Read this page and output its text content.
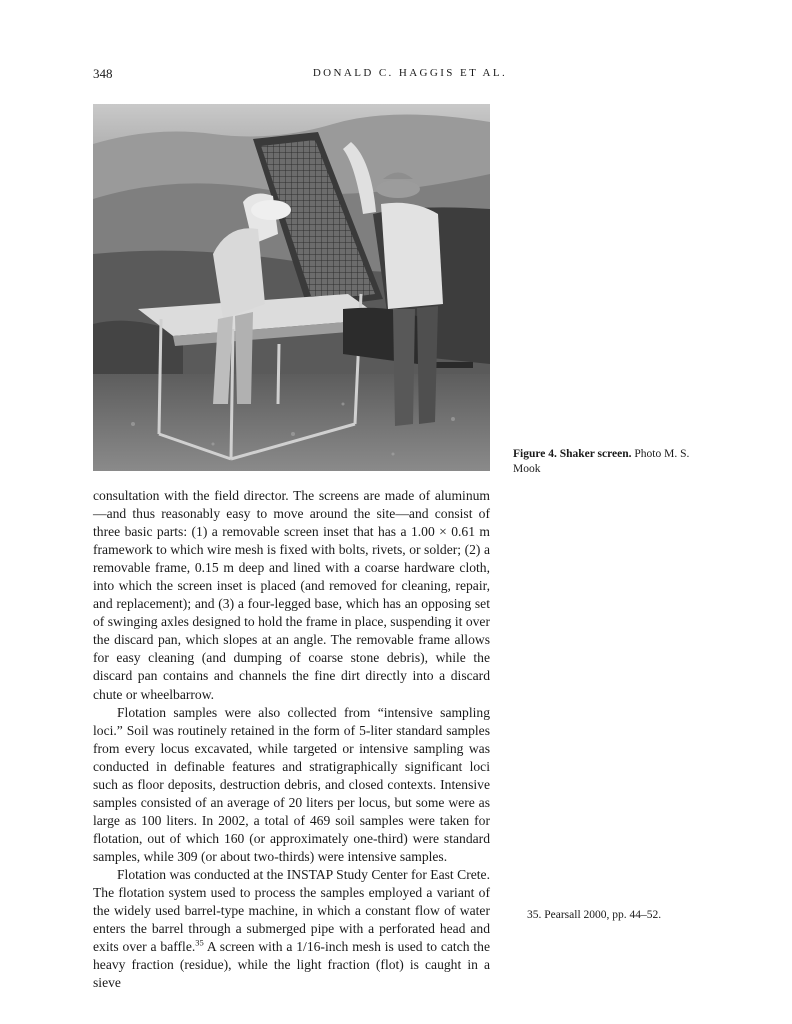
348	DONALD C. HAGGIS ET AL.
Figure 4. Shaker screen. Photo M. S. Mook

consultation with the field director. The screens are made of aluminum—and thus reasonably easy to move around the site—and consist of three basic parts: (1) a removable screen inset that has a 1.00 × 0.61 m framework to which wire mesh is fixed with bolts, rivets, or solder; (2) a removable frame, 0.15 m deep and lined with a coarse hardware cloth, into which the screen inset is placed (and removed for cleaning, repair, and replacement); and (3) a four-legged base, which has an opposing set of swinging axles designed to hold the frame in place, suspending it over the discard pan, which slopes at an angle. The removable frame allows for easy cleaning (and dumping of coarse stone debris), while the discard pan contains and channels the fine dirt directly into a discard chute or wheelbarrow.

Flotation samples were also collected from “intensive sampling loci.” Soil was routinely retained in the form of 5-liter standard samples from every locus excavated, while targeted or intensive sampling was conducted in definable features and stratigraphically significant loci such as floor deposits, destruction debris, and closed contexts. Intensive samples consisted of an average of 20 liters per locus, but some were as large as 100 liters. In 2002, a total of 469 soil samples were taken for flotation, out of which 160 (or approximately one-third) were standard samples, while 309 (or about two-thirds) were intensive samples.

Flotation was conducted at the INSTAP Study Center for East Crete. The flotation system used to process the samples employed a variant of the widely used barrel-type machine, in which a constant flow of water enters the barrel through a submerged pipe with a perforated head and exits over a baffle.$^{35}$ A screen with a 1/16-inch mesh is used to catch the heavy fraction (residue), while the light fraction (flot) is caught in a sieve

35. Pearsall 2000, pp. 44–52.
